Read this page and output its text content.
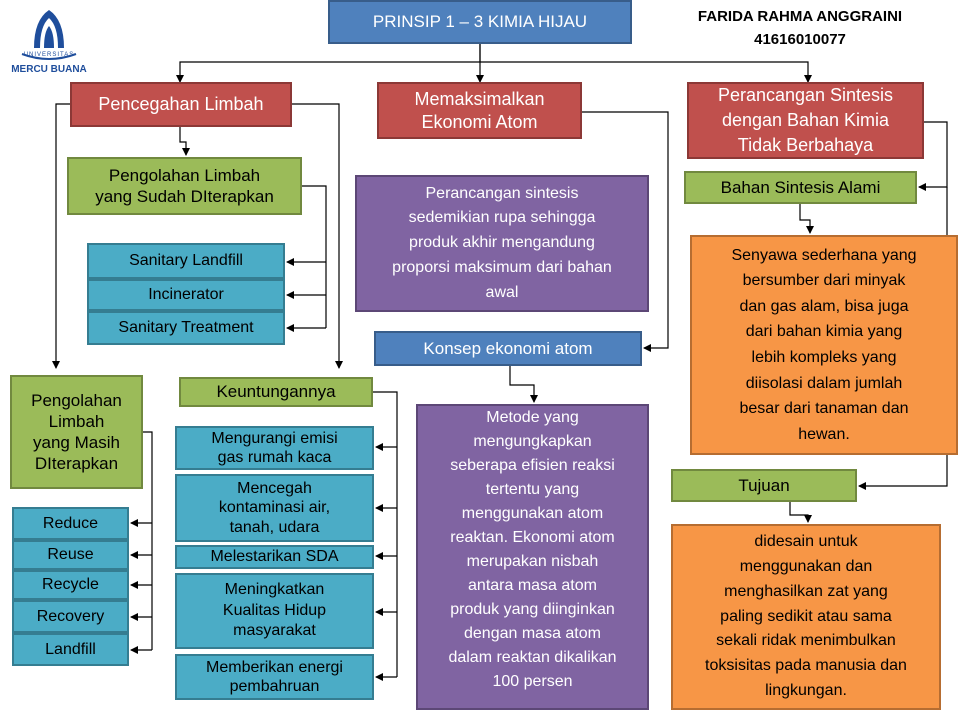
UNIVERSITAS
MERCU BUANA
FARIDA RAHMA ANGGRAINI
41616010077
PRINSIP 1 – 3 KIMIA HIJAU
Pencegahan Limbah
Pengolahan Limbah
yang Sudah DIterapkan
Sanitary Landfill
Incinerator
Sanitary Treatment
Pengolahan
Limbah
yang Masih
DIterapkan
Reduce
Reuse
Recycle
Recovery
Landfill
Keuntungannya
Mengurangi emisi
gas rumah kaca
Mencegah
kontaminasi air,
tanah, udara
Melestarikan SDA
Meningkatkan
Kualitas Hidup
masyarakat
Memberikan energi
pembahruan
Memaksimalkan
Ekonomi Atom
Perancangan sintesis
sedemikian rupa sehingga
produk akhir mengandung
proporsi maksimum dari bahan
awal
Konsep ekonomi atom
Metode yang
mengungkapkan
seberapa efisien reaksi
tertentu yang
menggunakan atom
reaktan. Ekonomi atom
merupakan nisbah
antara masa atom
produk yang diinginkan
dengan masa atom
dalam reaktan dikalikan
100 persen
Perancangan Sintesis
dengan Bahan Kimia
Tidak Berbahaya
Bahan Sintesis Alami
Senyawa sederhana yang
bersumber dari minyak
dan gas alam, bisa juga
dari bahan kimia yang
lebih kompleks yang
diisolasi dalam jumlah
besar dari tanaman dan
hewan.
Tujuan
didesain untuk
menggunakan dan
menghasilkan zat yang
paling sedikit atau sama
sekali ridak menimbulkan
toksisitas pada manusia dan
lingkungan.
